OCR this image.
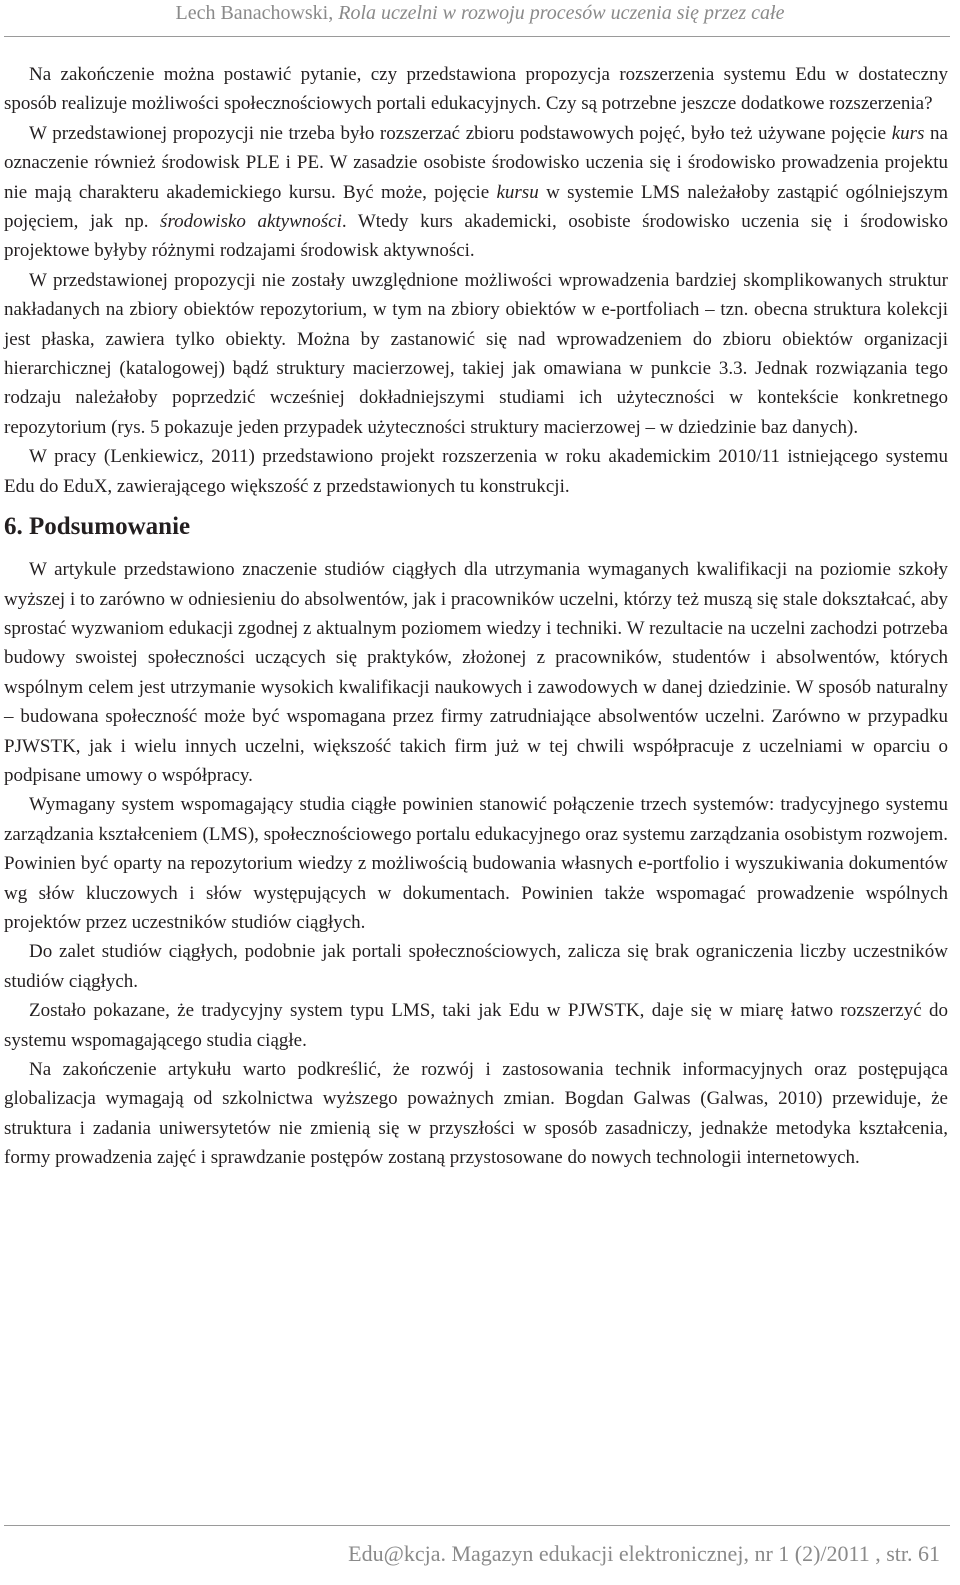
Lech Banachowski, Rola uczelni w rozwoju procesów uczenia się przez całe

Na zakończenie można postawić pytanie, czy przedstawiona propozycja rozszerzenia systemu Edu w dostateczny sposób realizuje możliwości społecznościowych portali edukacyjnych. Czy są potrzebne jeszcze dodatkowe rozszerzenia?

W przedstawionej propozycji nie trzeba było rozszerzać zbioru podstawowych pojęć, było też używane pojęcie kurs na oznaczenie również środowisk PLE i PE. W zasadzie osobiste środowisko uczenia się i środowisko prowadzenia projektu nie mają charakteru akademickiego kursu. Być może, pojęcie kursu w systemie LMS należałoby zastąpić ogólniejszym pojęciem, jak np. środowisko aktywności. Wtedy kurs akademicki, osobiste środowisko uczenia się i środowisko projektowe byłyby różnymi rodzajami środowisk aktywności.

W przedstawionej propozycji nie zostały uwzględnione możliwości wprowadzenia bardziej skomplikowanych struktur nakładanych na zbiory obiektów repozytorium, w tym na zbiory obiektów w e-portfoliach – tzn. obecna struktura kolekcji jest płaska, zawiera tylko obiekty. Można by zastanowić się nad wprowadzeniem do zbioru obiektów organizacji hierarchicznej (katalogowej) bądź struktury macierzowej, takiej jak omawiana w punkcie 3.3. Jednak rozwiązania tego rodzaju należałoby poprzedzić wcześniej dokładniejszymi studiami ich użyteczności w kontekście konkretnego repozytorium (rys. 5 pokazuje jeden przypadek użyteczności struktury macierzowej – w dziedzinie baz danych).

W pracy (Lenkiewicz, 2011) przedstawiono projekt rozszerzenia w roku akademickim 2010/11 istniejącego systemu Edu do EduX, zawierającego większość z przedstawionych tu konstrukcji.

6. Podsumowanie

W artykule przedstawiono znaczenie studiów ciągłych dla utrzymania wymaganych kwalifikacji na poziomie szkoły wyższej i to zarówno w odniesieniu do absolwentów, jak i pracowników uczelni, którzy też muszą się stale dokształcać, aby sprostać wyzwaniom edukacji zgodnej z aktualnym poziomem wiedzy i techniki. W rezultacie na uczelni zachodzi potrzeba budowy swoistej społeczności uczących się praktyków, złożonej z pracowników, studentów i absolwentów, których wspólnym celem jest utrzymanie wysokich kwalifikacji naukowych i zawodowych w danej dziedzinie. W sposób naturalny – budowana społeczność może być wspomagana przez firmy zatrudniające absolwentów uczelni. Zarówno w przypadku PJWSTK, jak i wielu innych uczelni, większość takich firm już w tej chwili współpracuje z uczelniami w oparciu o podpisane umowy o współpracy.

Wymagany system wspomagający studia ciągłe powinien stanowić połączenie trzech systemów: tradycyjnego systemu zarządzania kształceniem (LMS), społecznościowego portalu edukacyjnego oraz systemu zarządzania osobistym rozwojem. Powinien być oparty na repozytorium wiedzy z możliwością budowania własnych e-portfolio i wyszukiwania dokumentów wg słów kluczowych i słów występujących w dokumentach. Powinien także wspomagać prowadzenie wspólnych projektów przez uczestników studiów ciągłych.

Do zalet studiów ciągłych, podobnie jak portali społecznościowych, zalicza się brak ograniczenia liczby uczestników studiów ciągłych.

Zostało pokazane, że tradycyjny system typu LMS, taki jak Edu w PJWSTK, daje się w miarę łatwo rozszerzyć do systemu wspomagającego studia ciągłe.

Na zakończenie artykułu warto podkreślić, że rozwój i zastosowania technik informacyjnych oraz postępująca globalizacja wymagają od szkolnictwa wyższego poważnych zmian. Bogdan Galwas (Galwas, 2010) przewiduje, że struktura i zadania uniwersytetów nie zmienią się w przyszłości w sposób zasadniczy, jednakże metodyka kształcenia, formy prowadzenia zajęć i sprawdzanie postępów zostaną przystosowane do nowych technologii internetowych.

Edu@kcja. Magazyn edukacji elektronicznej, nr 1 (2)/2011 , str. 61
